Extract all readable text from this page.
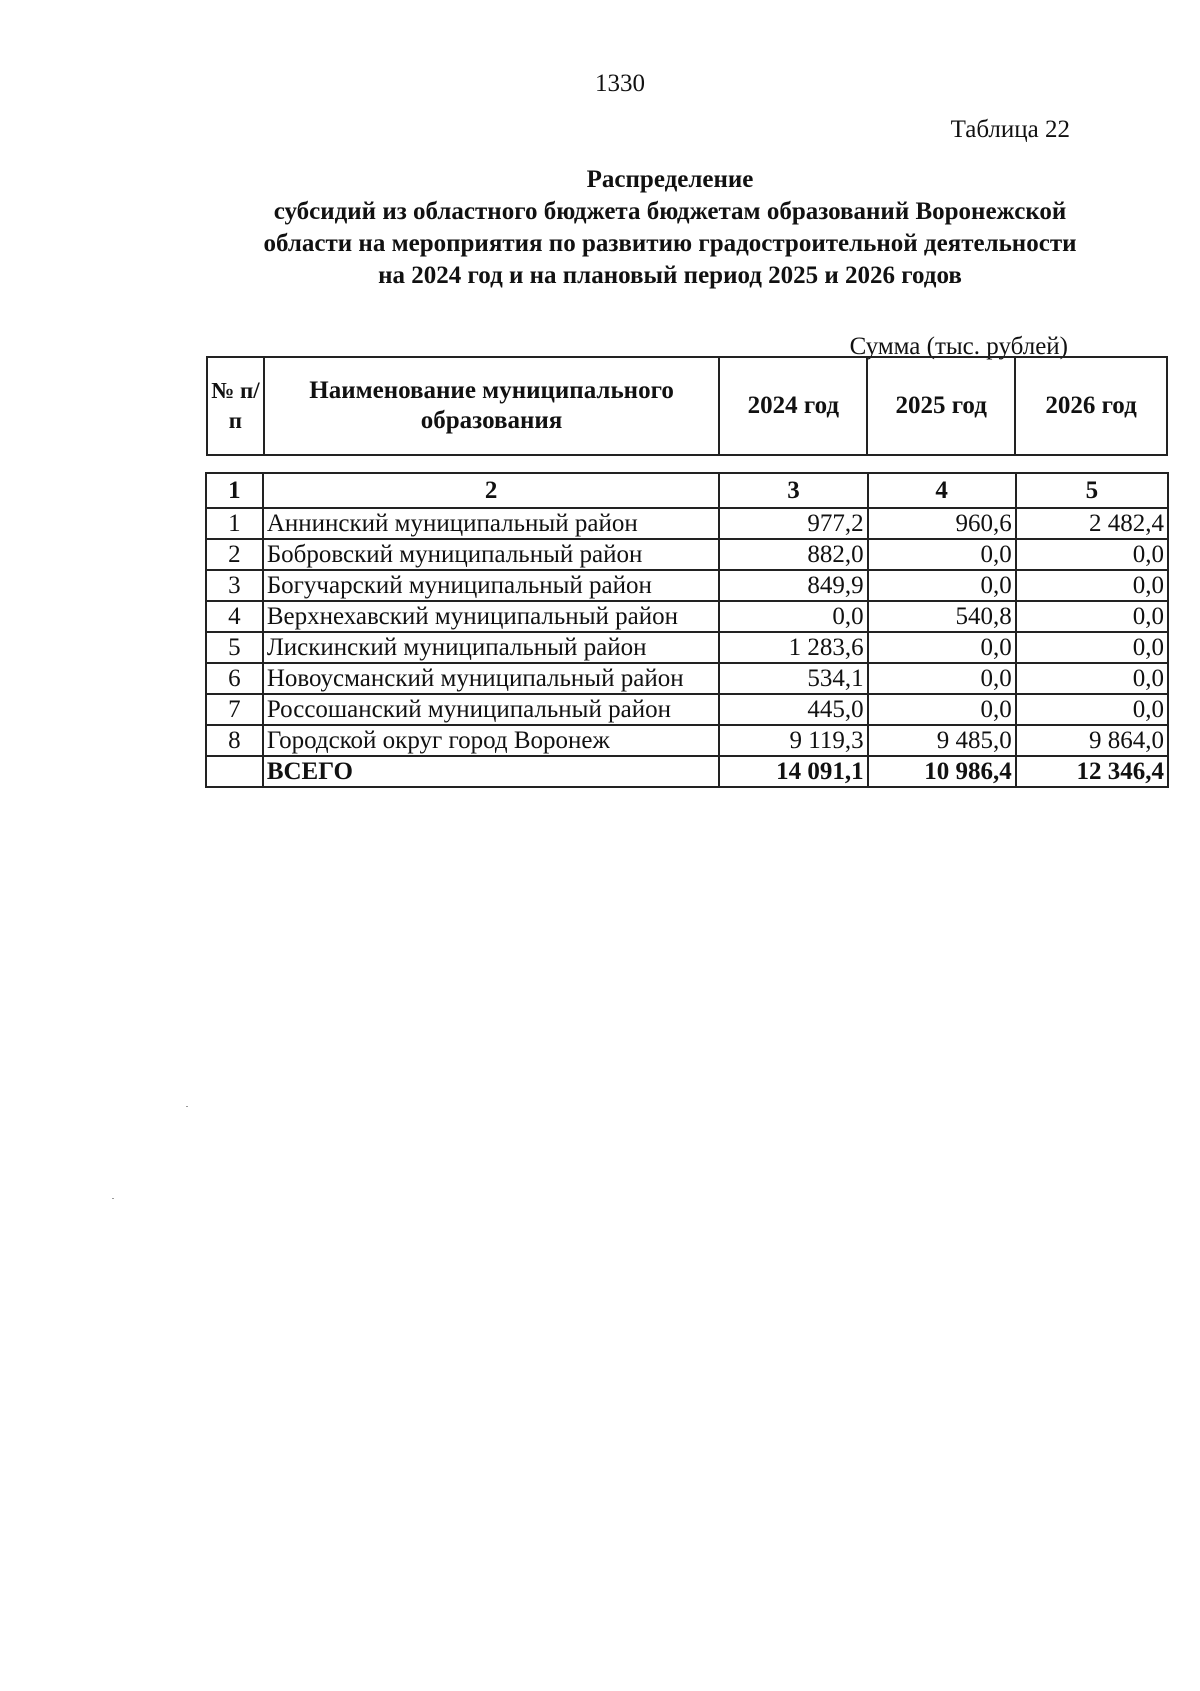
1330
Таблица 22
Распределение
субсидий из областного бюджета бюджетам образований Воронежской
области на мероприятия по развитию градостроительной деятельности
на 2024 год и на плановый период 2025 и 2026 годов
Сумма (тыс. рублей)
№ п/п	Наименование муниципального образования	2024 год	2025 год	2026 год
1	2	3	4	5
1	Аннинский муниципальный район	977,2	960,6	2 482,4
2	Бобровский муниципальный район	882,0	0,0	0,0
3	Богучарский муниципальный район	849,9	0,0	0,0
4	Верхнехавский муниципальный район	0,0	540,8	0,0
5	Лискинский муниципальный район	1 283,6	0,0	0,0
6	Новоусманский муниципальный район	534,1	0,0	0,0
7	Россошанский муниципальный район	445,0	0,0	0,0
8	Городской округ город Воронеж	9 119,3	9 485,0	9 864,0
	ВСЕГО	14 091,1	10 986,4	12 346,4
